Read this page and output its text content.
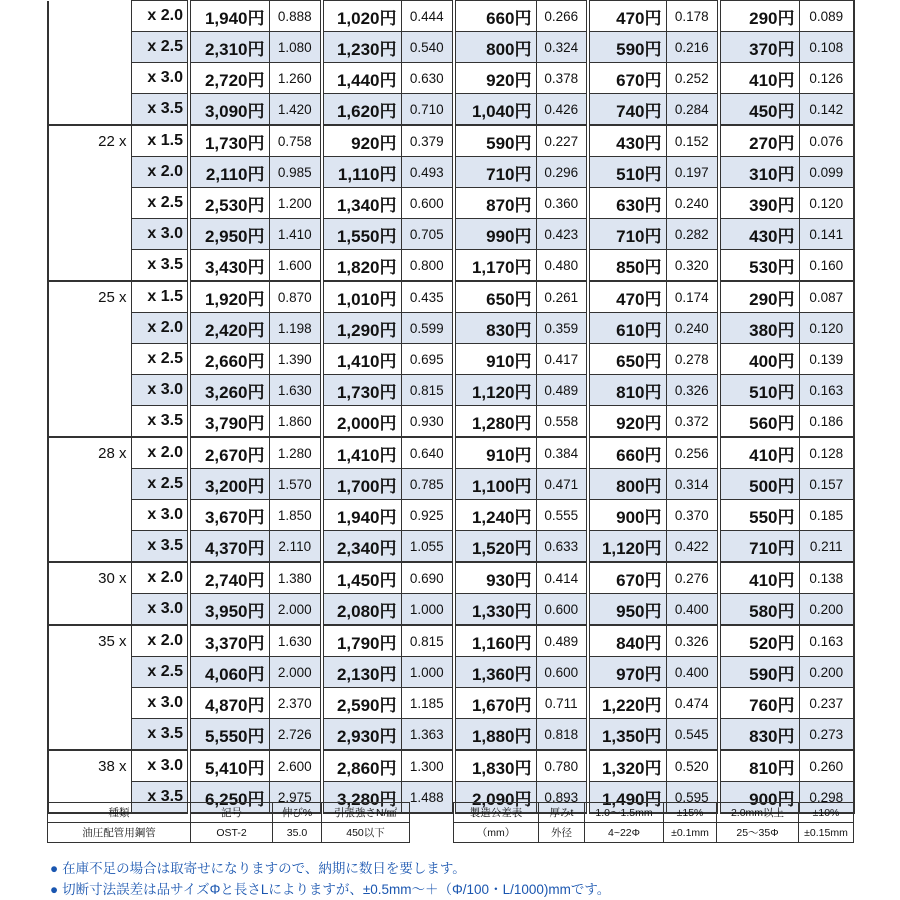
	x 2.0	1,940円	0.888	1,020円	0.444	660円	0.266	470円	0.178	290円	0.089
	x 2.5	2,310円	1.080	1,230円	0.540	800円	0.324	590円	0.216	370円	0.108
	x 3.0	2,720円	1.260	1,440円	0.630	920円	0.378	670円	0.252	410円	0.126
	x 3.5	3,090円	1.420	1,620円	0.710	1,040円	0.426	740円	0.284	450円	0.142
22 x	x 1.5	1,730円	0.758	920円	0.379	590円	0.227	430円	0.152	270円	0.076
	x 2.0	2,110円	0.985	1,110円	0.493	710円	0.296	510円	0.197	310円	0.099
	x 2.5	2,530円	1.200	1,340円	0.600	870円	0.360	630円	0.240	390円	0.120
	x 3.0	2,950円	1.410	1,550円	0.705	990円	0.423	710円	0.282	430円	0.141
	x 3.5	3,430円	1.600	1,820円	0.800	1,170円	0.480	850円	0.320	530円	0.160
25 x	x 1.5	1,920円	0.870	1,010円	0.435	650円	0.261	470円	0.174	290円	0.087
	x 2.0	2,420円	1.198	1,290円	0.599	830円	0.359	610円	0.240	380円	0.120
	x 2.5	2,660円	1.390	1,410円	0.695	910円	0.417	650円	0.278	400円	0.139
	x 3.0	3,260円	1.630	1,730円	0.815	1,120円	0.489	810円	0.326	510円	0.163
	x 3.5	3,790円	1.860	2,000円	0.930	1,280円	0.558	920円	0.372	560円	0.186
28 x	x 2.0	2,670円	1.280	1,410円	0.640	910円	0.384	660円	0.256	410円	0.128
	x 2.5	3,200円	1.570	1,700円	0.785	1,100円	0.471	800円	0.314	500円	0.157
	x 3.0	3,670円	1.850	1,940円	0.925	1,240円	0.555	900円	0.370	550円	0.185
	x 3.5	4,370円	2.110	2,340円	1.055	1,520円	0.633	1,120円	0.422	710円	0.211
30 x	x 2.0	2,740円	1.380	1,450円	0.690	930円	0.414	670円	0.276	410円	0.138
	x 3.0	3,950円	2.000	2,080円	1.000	1,330円	0.600	950円	0.400	580円	0.200
35 x	x 2.0	3,370円	1.630	1,790円	0.815	1,160円	0.489	840円	0.326	520円	0.163
	x 2.5	4,060円	2.000	2,130円	1.000	1,360円	0.600	970円	0.400	590円	0.200
	x 3.0	4,870円	2.370	2,590円	1.185	1,670円	0.711	1,220円	0.474	760円	0.237
	x 3.5	5,550円	2.726	2,930円	1.363	1,880円	0.818	1,350円	0.545	830円	0.273
38 x	x 3.0	5,410円	2.600	2,860円	1.300	1,830円	0.780	1,320円	0.520	810円	0.260
	x 3.5	6,250円	2.975	3,280円	1.488	2,090円	0.893	1,490円	0.595	900円	0.298
種類	記号	伸び%	引張強さN/㎟
油圧配管用鋼管	OST-2	35.0	450以下
製造公差表	厚みt	1.0〜1.5mm	±15%	2.0mm以上	±10%
（mm）	外径	4~22Φ	±0.1mm	25〜35Φ	±0.15mm
● 在庫不足の場合は取寄せになりますので、納期に数日を要します。
● 切断寸法誤差は品サイズΦと長さLによりますが、±0.5mm〜＋（Φ/100・L/1000)mmです。
